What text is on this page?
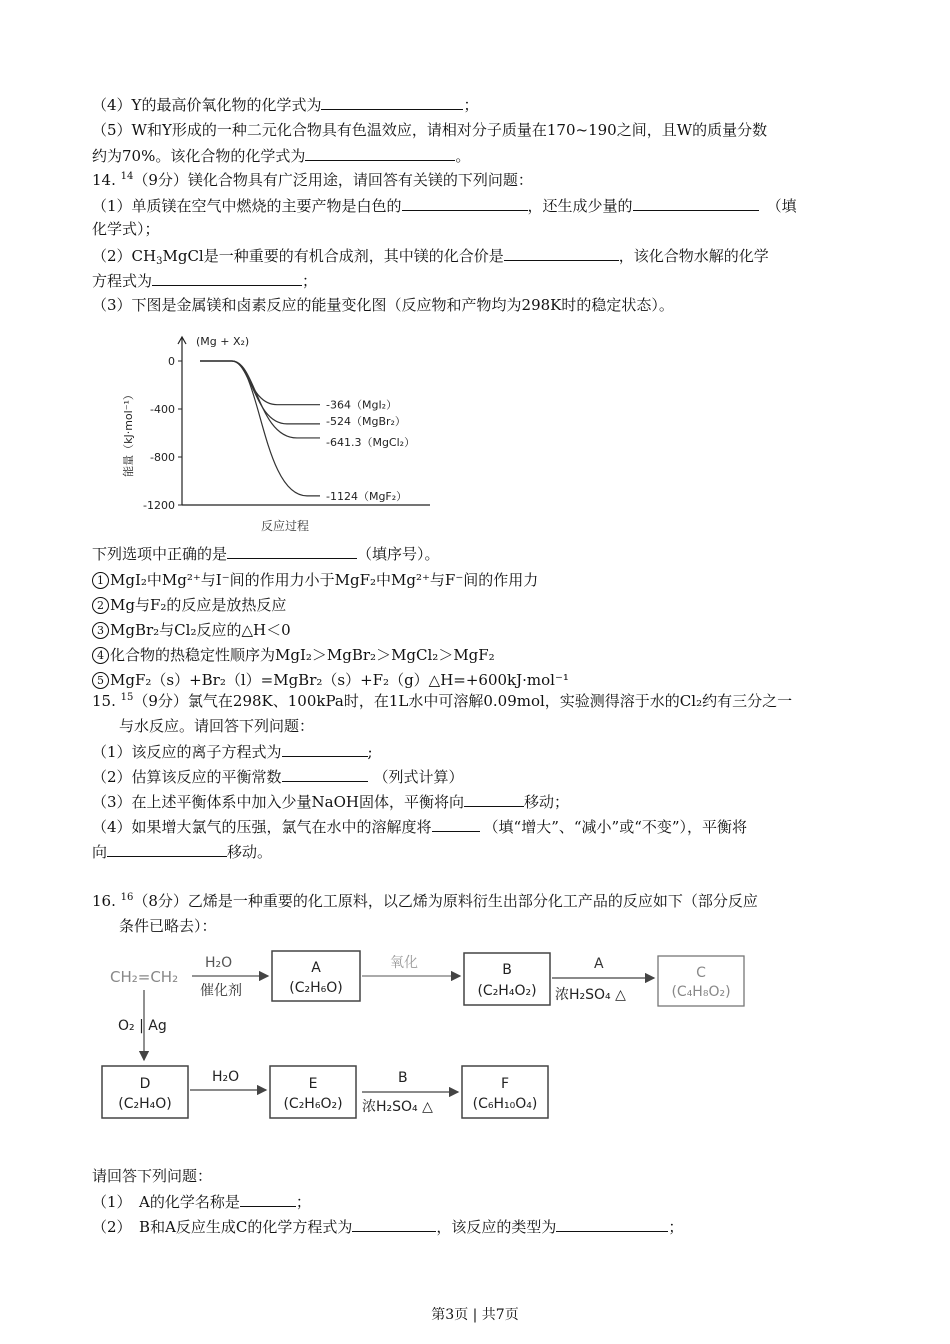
（4）Y的最高价氧化物的化学式为	；
（5）W和Y形成的一种二元化合物具有色温效应，请相对分子质量在170~190之间，且W的质量分数
约为70%。该化合物的化学式为	。
14. $^{14}$（9分）镁化合物具有广泛用途，请回答有关镁的下列问题：
（1）单质镁在空气中燃烧的主要产物是白色的	，还生成少量的	（填
化学式）；
$(2)CH_3MgCl$是一种重要的有机合成剂，其中镁的化合价是	，该化合物水解的化学
方程式为	；
（3）下图是金属镁和卤素反应的能量变化图（反应物和产物均为298K时的稳定状态）。
0
-400
-800
-1200
能量（kJ·mol⁻¹）
反应过程
(Mg + X₂)
-364（MgI₂）
-524（MgBr₂）
-641.3（MgCl₂）
-1124（MgF₂）
下列选项中正确的是	（填序号）。
1 MgI₂中Mg²⁺与I⁻间的作用力小于MgF₂中Mg²⁺与F⁻间的作用力
2 Mg与F₂的反应是放热反应
3 MgBr₂与Cl₂反应的△H＜0
4 化合物的热稳定性顺序为MgI₂＞MgBr₂＞MgCl₂＞MgF₂
5 MgF₂（s）+Br₂（l）=MgBr₂（s）+F₂（g）△H=+600kJ·mol⁻¹
15. $^{15}$（9分）氯气在298K、100kPa时，在1L水中可溶解0.09mol，实验测得溶于水的Cl₂约有三分之一
与水反应。请回答下列问题：
（1）该反应的离子方程式为	;
（2）估算该反应的平衡常数	（列式计算）
（3）在上述平衡体系中加入少量NaOH固体，平衡将向	移动；
（4）如果增大氯气的压强，氯气在水中的溶解度将	（填“增大”、“减小”或“不变”），平衡将
向	移动。
16. $^{16}$（8分）乙烯是一种重要的化工原料，以乙烯为原料衍生出部分化工产品的反应如下（部分反应
条件已略去）：
CH₂=CH₂
H₂O
催化剂
A
(C₂H₆O)
氧化	B
(C₂H₄O₂)
A
浓H₂SO₄ △
C
(C₄H₈O₂)
O₂ | Ag
D
(C₂H₄O)
H₂O	E
(C₂H₆O₂)
B
浓H₂SO₄ △
F
(C₆H₁₀O₄)
请回答下列问题：
（1）　A的化学名称是	；
（2）　B和A反应生成C的化学方程式为	，该反应的类型为	；
第3页 | 共7页
